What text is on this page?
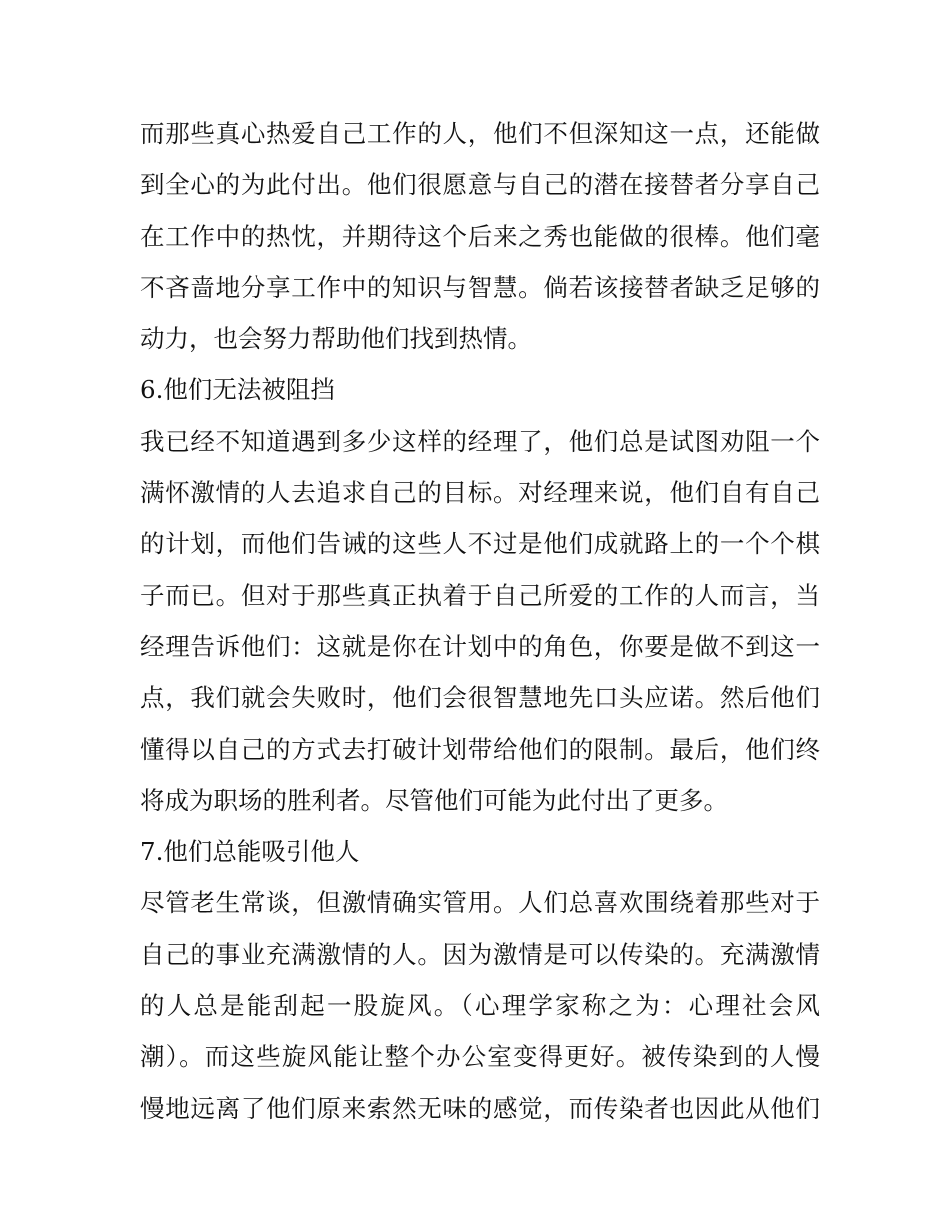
而那些真心热爱自己工作的人，他们不但深知这一点，还能做
到全心的为此付出。他们很愿意与自己的潜在接替者分享自己
在工作中的热忱，并期待这个后来之秀也能做的很棒。他们毫
不吝啬地分享工作中的知识与智慧。倘若该接替者缺乏足够的
动力，也会努力帮助他们找到热情。
6.他们无法被阻挡
我已经不知道遇到多少这样的经理了，他们总是试图劝阻一个
满怀激情的人去追求自己的目标。对经理来说，他们自有自己
的计划，而他们告诫的这些人不过是他们成就路上的一个个棋
子而已。但对于那些真正执着于自己所爱的工作的人而言，当
经理告诉他们：这就是你在计划中的角色，你要是做不到这一
点，我们就会失败时，他们会很智慧地先口头应诺。然后他们
懂得以自己的方式去打破计划带给他们的限制。最后，他们终
将成为职场的胜利者。尽管他们可能为此付出了更多。
7.他们总能吸引他人
尽管老生常谈，但激情确实管用。人们总喜欢围绕着那些对于
自己的事业充满激情的人。因为激情是可以传染的。充满激情
的人总是能刮起一股旋风。（心理学家称之为：心理社会风
潮）。而这些旋风能让整个办公室变得更好。被传染到的人慢
慢地远离了他们原来索然无味的感觉，而传染者也因此从他们
